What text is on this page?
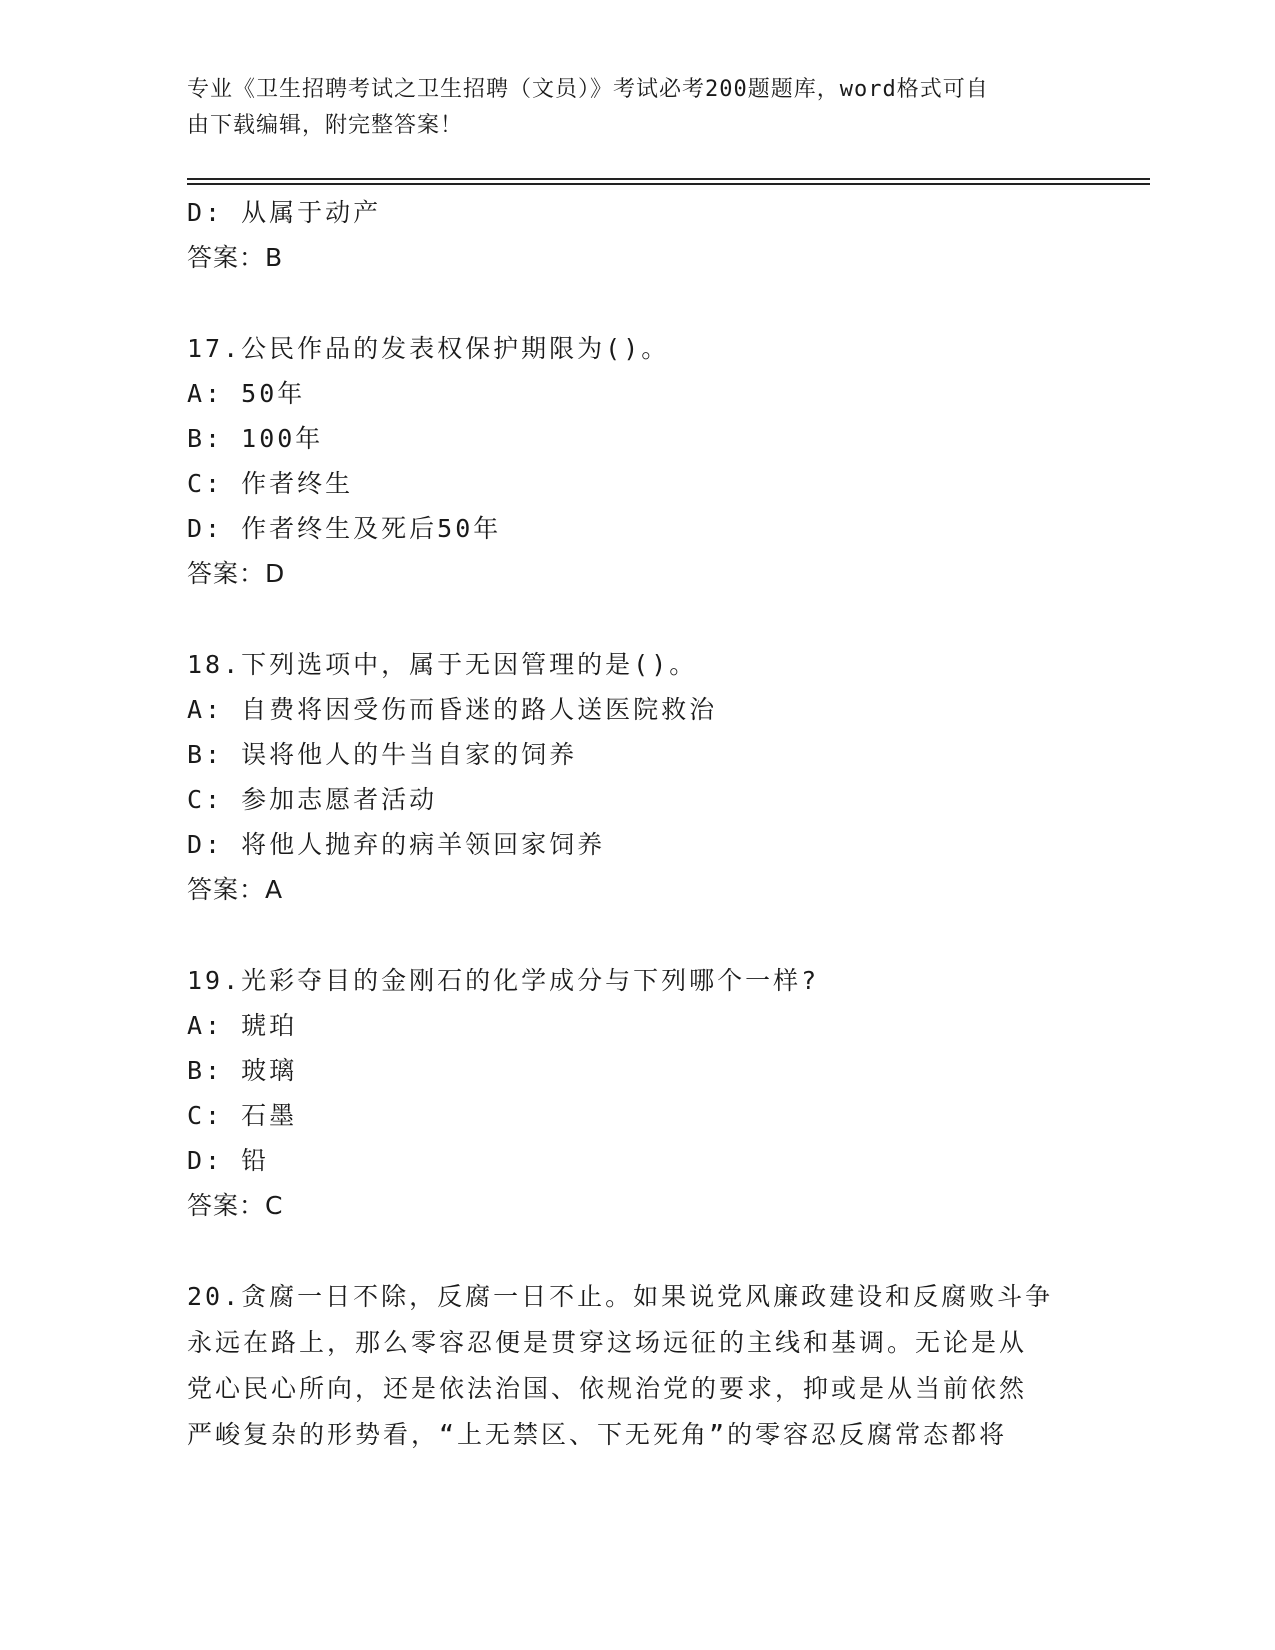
专业《卫生招聘考试之卫生招聘（文员）》考试必考200题题库，word格式可自
由下载编辑，附完整答案！
D: 从属于动产
答案：B
17.公民作品的发表权保护期限为()。
A: 50年
B: 100年
C: 作者终生
D: 作者终生及死后50年
答案：D
18.下列选项中，属于无因管理的是()。
A: 自费将因受伤而昏迷的路人送医院救治
B: 误将他人的牛当自家的饲养
C: 参加志愿者活动
D: 将他人抛弃的病羊领回家饲养
答案：A
19.光彩夺目的金刚石的化学成分与下列哪个一样?
A: 琥珀
B: 玻璃
C: 石墨
D: 铅
答案：C
20.贪腐一日不除，反腐一日不止。如果说党风廉政建设和反腐败斗争
永远在路上，那么零容忍便是贯穿这场远征的主线和基调。无论是从
党心民心所向，还是依法治国、依规治党的要求，抑或是从当前依然
严峻复杂的形势看，“上无禁区、下无死角”的零容忍反腐常态都将
